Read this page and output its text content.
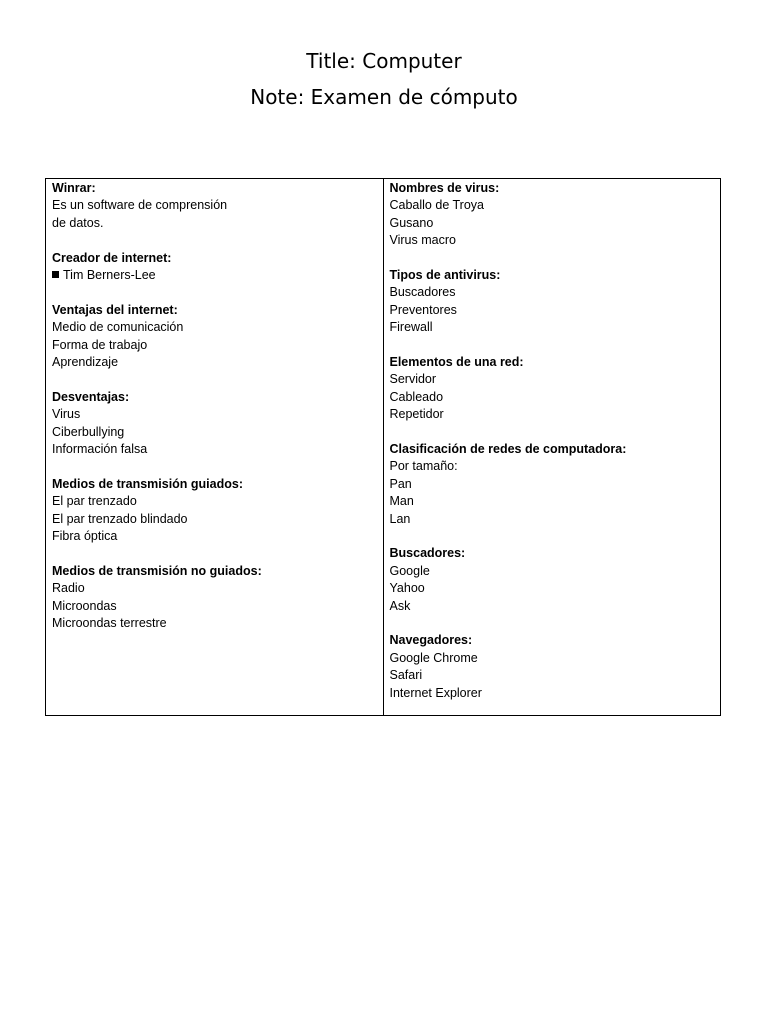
Title: Computer
Note: Examen de cómputo
Winrar:
Es un software de comprensión
de datos.
Creador de internet:
Tim Berners-Lee
Ventajas del internet:
Medio de comunicación
Forma de trabajo
Aprendizaje
Desventajas:
Virus
Ciberbullying
Información falsa
Medios de transmisión guiados:
El par trenzado
El par trenzado blindado
Fibra óptica
Medios de transmisión no guiados:
Radio
Microondas
Microondas terrestre
Nombres de virus:
Caballo de Troya
Gusano
Virus macro
Tipos de antivirus:
Buscadores
Preventores
Firewall
Elementos de una red:
Servidor
Cableado
Repetidor
Clasificación de redes de computadora:
Por tamaño:
Pan
Man
Lan
Buscadores:
Google
Yahoo
Ask
Navegadores:
Google Chrome
Safari
Internet Explorer
